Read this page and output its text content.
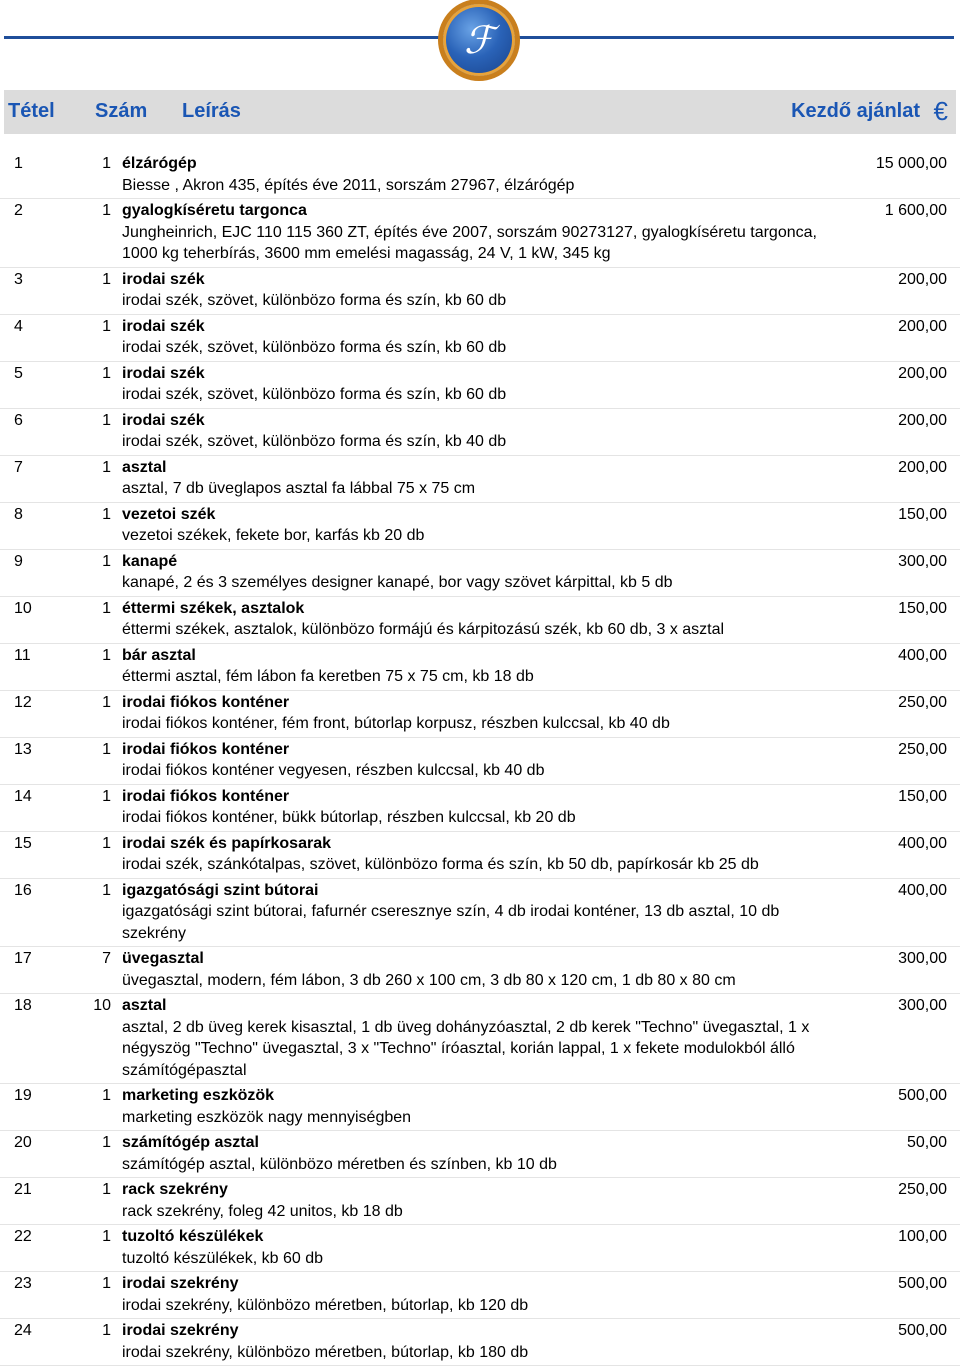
ℱ
Tétel Szám Leírás	Kezdő ajánlat €
1	1	15 000,00
élzárógép
Biesse , Akron 435, építés éve 2011, sorszám 27967, élzárógép
2	1	1 600,00
gyalogkíséretu targonca
Jungheinrich, EJC 110 115 360 ZT, építés éve 2007, sorszám 90273127, gyalogkíséretu targonca, 1000 kg teherbírás, 3600 mm emelési magasság, 24 V, 1 kW, 345 kg
3	1	200,00
irodai szék
irodai szék, szövet, különbözo forma és szín, kb 60 db
4	1	200,00
irodai szék
irodai szék, szövet, különbözo forma és szín, kb 60 db
5	1	200,00
irodai szék
irodai szék, szövet, különbözo forma és szín, kb 60 db
6	1	200,00
irodai szék
irodai szék, szövet, különbözo forma és szín, kb 40 db
7	1	200,00
asztal
asztal, 7 db üveglapos asztal fa lábbal 75 x 75 cm
8	1	150,00
vezetoi szék
vezetoi székek, fekete bor, karfás kb 20 db
9	1	300,00
kanapé
kanapé, 2 és 3 személyes designer kanapé, bor vagy szövet kárpittal, kb 5 db
10	1	150,00
éttermi székek, asztalok
éttermi székek, asztalok, különbözo formájú és kárpitozású szék, kb 60 db, 3 x asztal
11	1	400,00
bár asztal
éttermi asztal, fém lábon fa keretben 75 x 75 cm, kb 18 db
12	1	250,00
irodai fiókos konténer
irodai fiókos konténer, fém front, bútorlap korpusz, részben kulccsal, kb 40 db
13	1	250,00
irodai fiókos konténer
irodai fiókos konténer vegyesen, részben kulccsal, kb 40 db
14	1	150,00
irodai fiókos konténer
irodai fiókos konténer, bükk bútorlap, részben kulccsal, kb 20 db
15	1	400,00
irodai szék és papírkosarak
irodai szék, szánkótalpas, szövet, különbözo forma és szín, kb 50 db, papírkosár kb 25 db
16	1	400,00
igazgatósági szint bútorai
igazgatósági szint bútorai, fafurnér cseresznye szín, 4 db irodai konténer, 13 db asztal, 10 db szekrény
17	7	300,00
üvegasztal
üvegasztal, modern, fém lábon, 3 db 260 x 100 cm, 3 db 80 x 120 cm, 1 db 80 x 80 cm
18	10	300,00
asztal
asztal, 2 db üveg kerek kisasztal, 1 db üveg dohányzóasztal, 2 db kerek "Techno" üvegasztal, 1 x négyszög "Techno" üvegasztal, 3 x "Techno" íróasztal, korián lappal, 1 x fekete modulokból álló számítógépasztal
19	1	500,00
marketing eszközök
marketing eszközök nagy mennyiségben
20	1	50,00
számítógép asztal
számítógép asztal, különbözo méretben és színben, kb 10 db
21	1	250,00
rack szekrény
rack szekrény, foleg 42 unitos, kb 18 db
22	1	100,00
tuzoltó készülékek
tuzoltó készülékek, kb 60 db
23	1	500,00
irodai szekrény
irodai szekrény, különbözo méretben, bútorlap, kb 120 db
24	1	500,00
irodai szekrény
irodai szekrény, különbözo méretben, bútorlap, kb 180 db
